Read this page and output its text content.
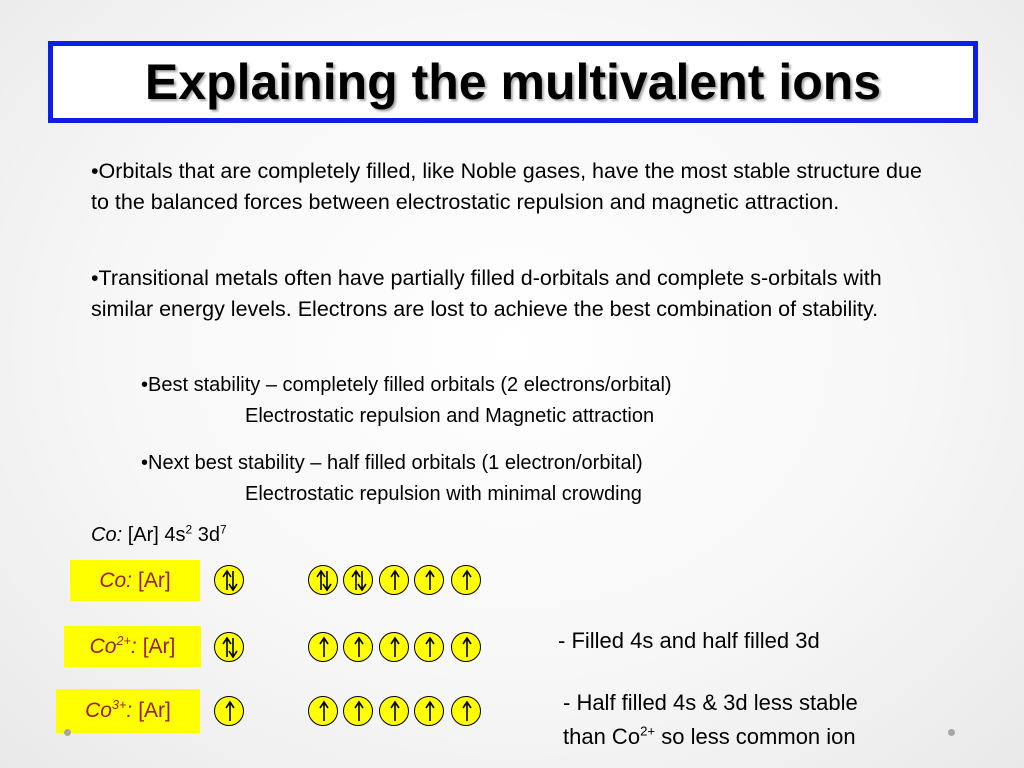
Explaining the multivalent ions

•Orbitals that are completely filled, like Noble gases, have the most stable structure due to the balanced forces between electrostatic repulsion and magnetic attraction.

•Transitional metals often have partially filled d-orbitals and complete s-orbitals with similar energy levels. Electrons are lost to achieve the best combination of stability.

•Best stability – completely filled orbitals (2 electrons/orbital)
Electrostatic repulsion and Magnetic attraction
•Next best stability – half filled orbitals (1 electron/orbital)
Electrostatic repulsion with minimal crowding
Co: [Ar] $4s^2$ $3d^7$
Co: [Ar]
$Co^{2+}$: [Ar]
$Co^{3+}$: [Ar]
- Filled 4s and half filled 3d
- Half filled 4s & 3d less stable
than $Co^{2+}$ so less common ion
